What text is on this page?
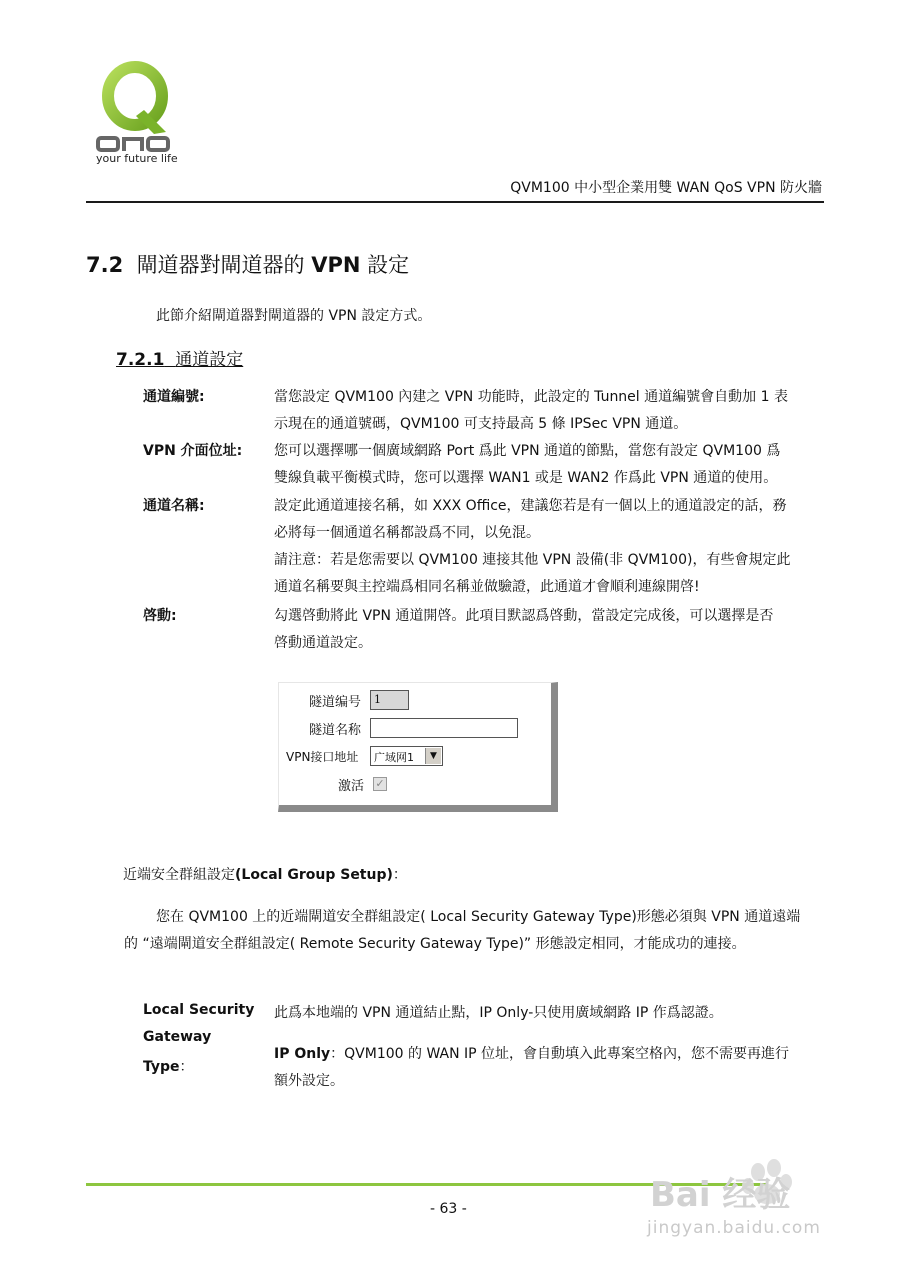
your future life
QVM100 中小型企業用雙 WAN QoS VPN 防火牆
7.2 閘道器對閘道器的 VPN 設定
此節介紹閘道器對閘道器的 VPN 設定方式。
7.2.1 通道設定
通道編號:	當您設定 QVM100 內建之 VPN 功能時，此設定的 Tunnel 通道編號會自動加 1 表
示現在的通道號碼，QVM100 可支持最高 5 條 IPSec VPN 通道。
VPN 介面位址: 您可以選擇哪一個廣域網路 Port 爲此 VPN 通道的節點，當您有設定 QVM100 爲
雙線負載平衡模式時，您可以選擇 WAN1 或是 WAN2 作爲此 VPN 通道的使用。
通道名稱:	設定此通道連接名稱，如 XXX Office，建議您若是有一個以上的通道設定的話，務
必將每一個通道名稱都設爲不同，以免混。
請注意：若是您需要以 QVM100 連接其他 VPN 設備(非 QVM100)，有些會規定此
通道名稱要與主控端爲相同名稱並做驗證，此通道才會順利連線開啓!
啓動:	勾選啓動將此 VPN 通道開啓。此項目默認爲啓動，當設定完成後，可以選擇是否
啓動通道設定。
隧道编号	1
隧道名称
VPN接口地址 广域网1	▼
激活 ✓
近端安全群組設定(Local Group Setup)：
您在 QVM100 上的近端閘道安全群組設定( Local Security Gateway Type)形態必須與 VPN 通道遠端
的 “遠端閘道安全群組設定( Remote Security Gateway Type)” 形態設定相同，才能成功的連接。
Local Security
Gateway
Type：
此爲本地端的 VPN 通道結止點，IP Only-只使用廣域網路 IP 作爲認證。
IP Only：QVM100 的 WAN IP 位址，會自動填入此專案空格內，您不需要再進行
額外設定。
- 63 -	Bai 经验
jingyan.baidu.com
